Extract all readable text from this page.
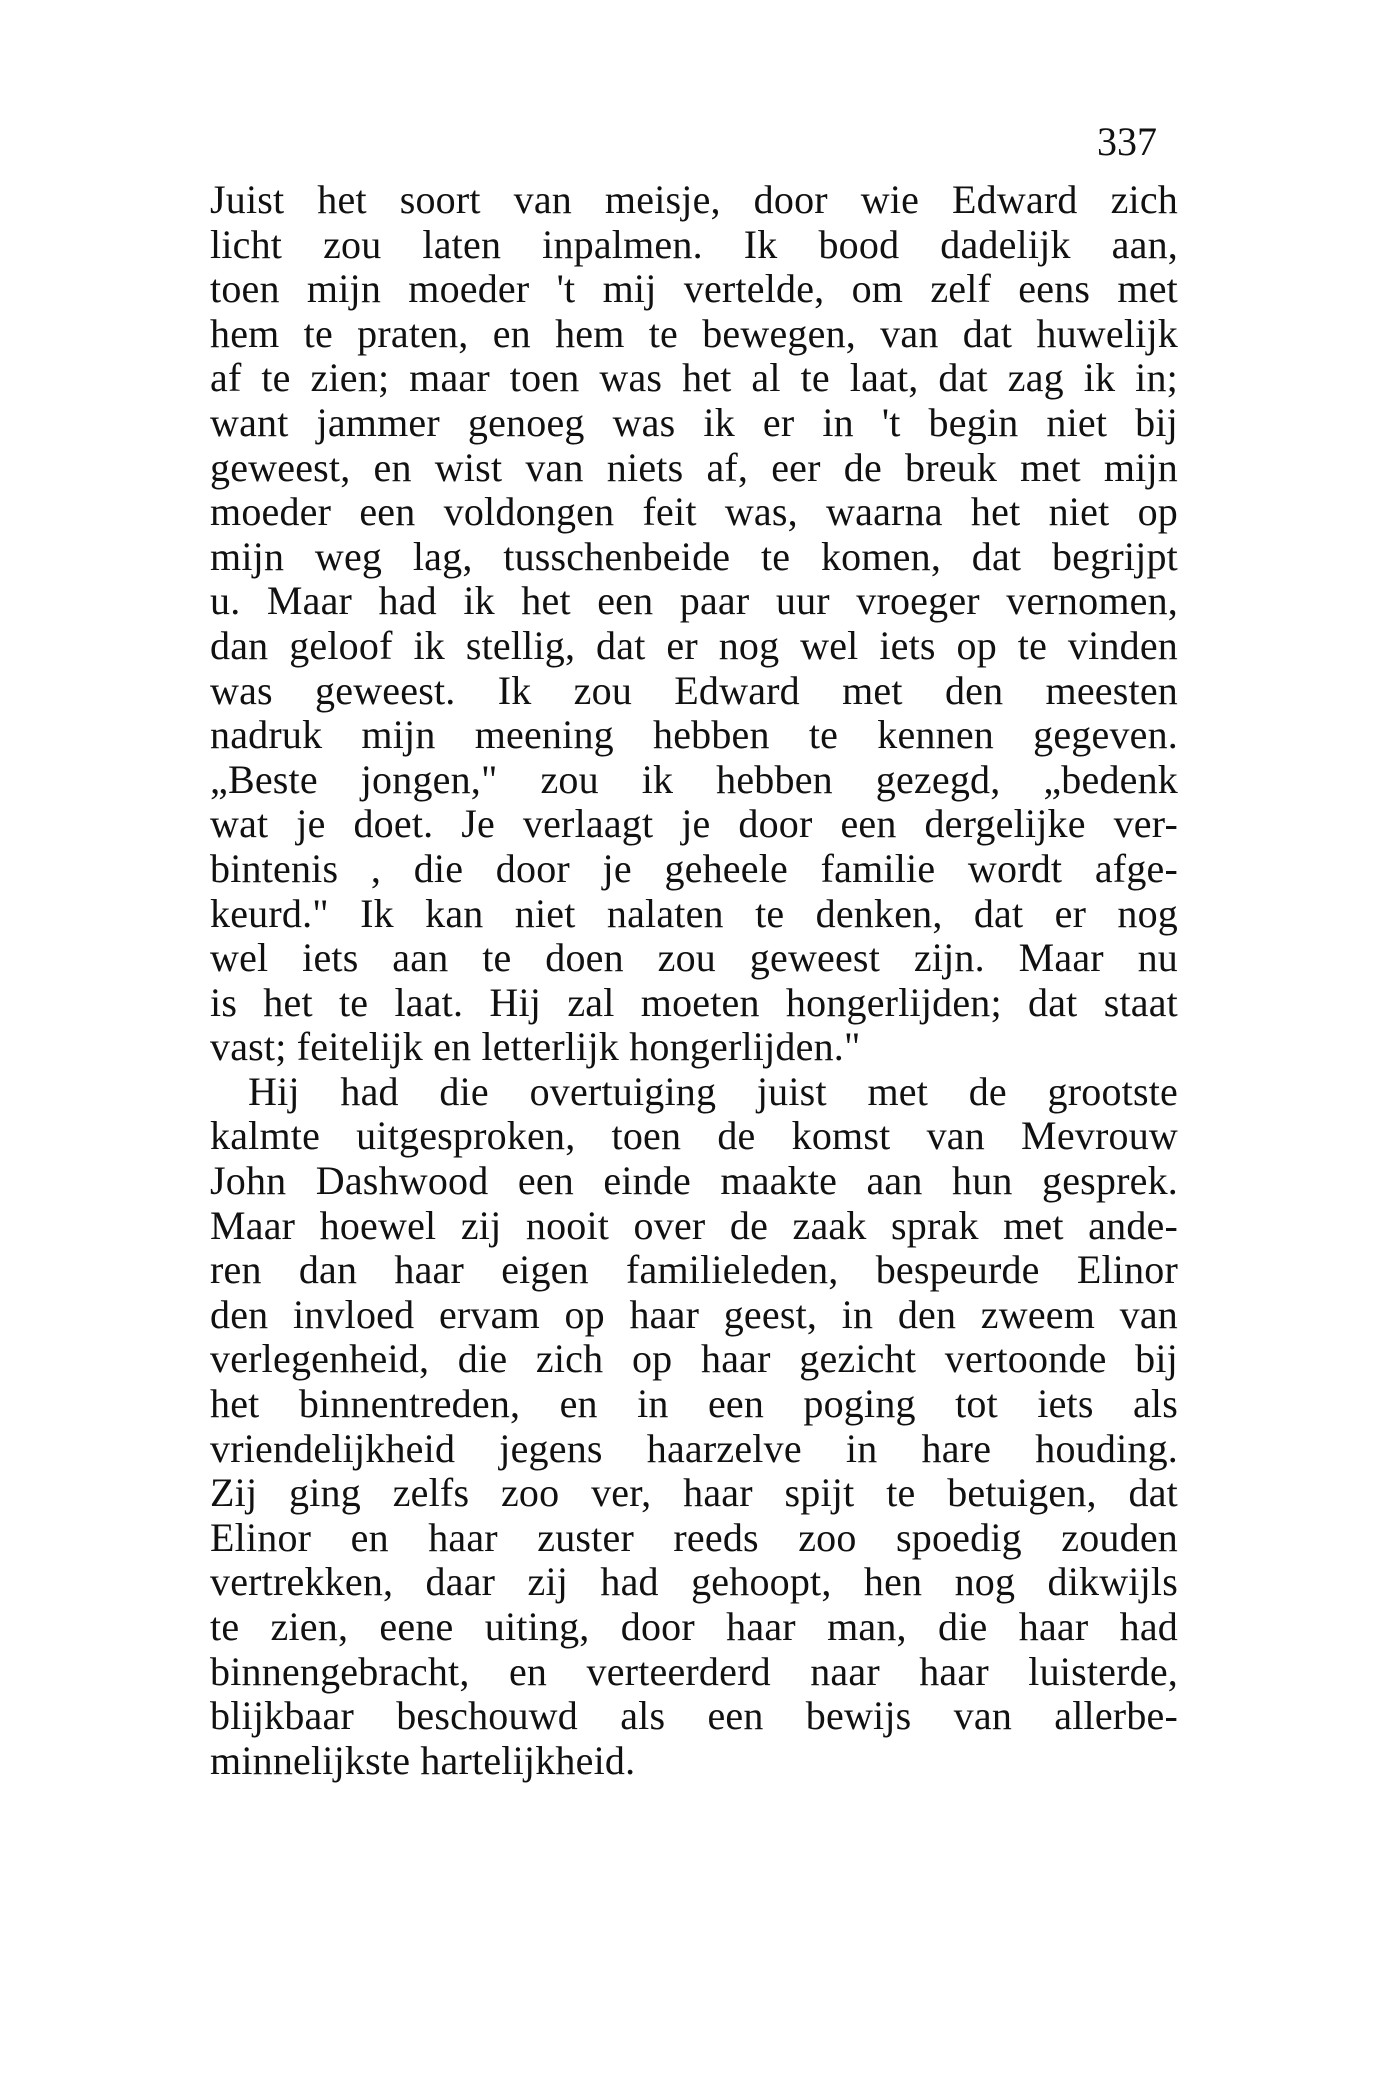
337
Juist het soort van meisje, door wie Edward zich
licht zou laten inpalmen. Ik bood dadelijk aan,
toen mijn moeder 't mij vertelde, om zelf eens met
hem te praten, en hem te bewegen, van dat huwelijk
af te zien; maar toen was het al te laat, dat zag ik in;
want jammer genoeg was ik er in 't begin niet bij
geweest, en wist van niets af, eer de breuk met mijn
moeder een voldongen feit was, waarna het niet op
mijn weg lag, tusschenbeide te komen, dat begrijpt
u. Maar had ik het een paar uur vroeger vernomen,
dan geloof ik stellig, dat er nog wel iets op te vinden
was geweest. Ik zou Edward met den meesten
nadruk mijn meening hebben te kennen gegeven.
„Beste jongen," zou ik hebben gezegd, „bedenk
wat je doet. Je verlaagt je door een dergelijke ver-
bintenis , die door je geheele familie wordt afge-
keurd." Ik kan niet nalaten te denken, dat er nog
wel iets aan te doen zou geweest zijn. Maar nu
is het te laat. Hij zal moeten hongerlijden; dat staat
vast; feitelijk en letterlijk hongerlijden."
Hij had die overtuiging juist met de grootste
kalmte uitgesproken, toen de komst van Mevrouw
John Dashwood een einde maakte aan hun gesprek.
Maar hoewel zij nooit over de zaak sprak met ande-
ren dan haar eigen familieleden, bespeurde Elinor
den invloed ervam op haar geest, in den zweem van
verlegenheid, die zich op haar gezicht vertoonde bij
het binnentreden, en in een poging tot iets als
vriendelijkheid jegens haarzelve in hare houding.
Zij ging zelfs zoo ver, haar spijt te betuigen, dat
Elinor en haar zuster reeds zoo spoedig zouden
vertrekken, daar zij had gehoopt, hen nog dikwijls
te zien, eene uiting, door haar man, die haar had
binnengebracht, en verteerderd naar haar luisterde,
blijkbaar beschouwd als een bewijs van allerbe-
minnelijkste hartelijkheid.
